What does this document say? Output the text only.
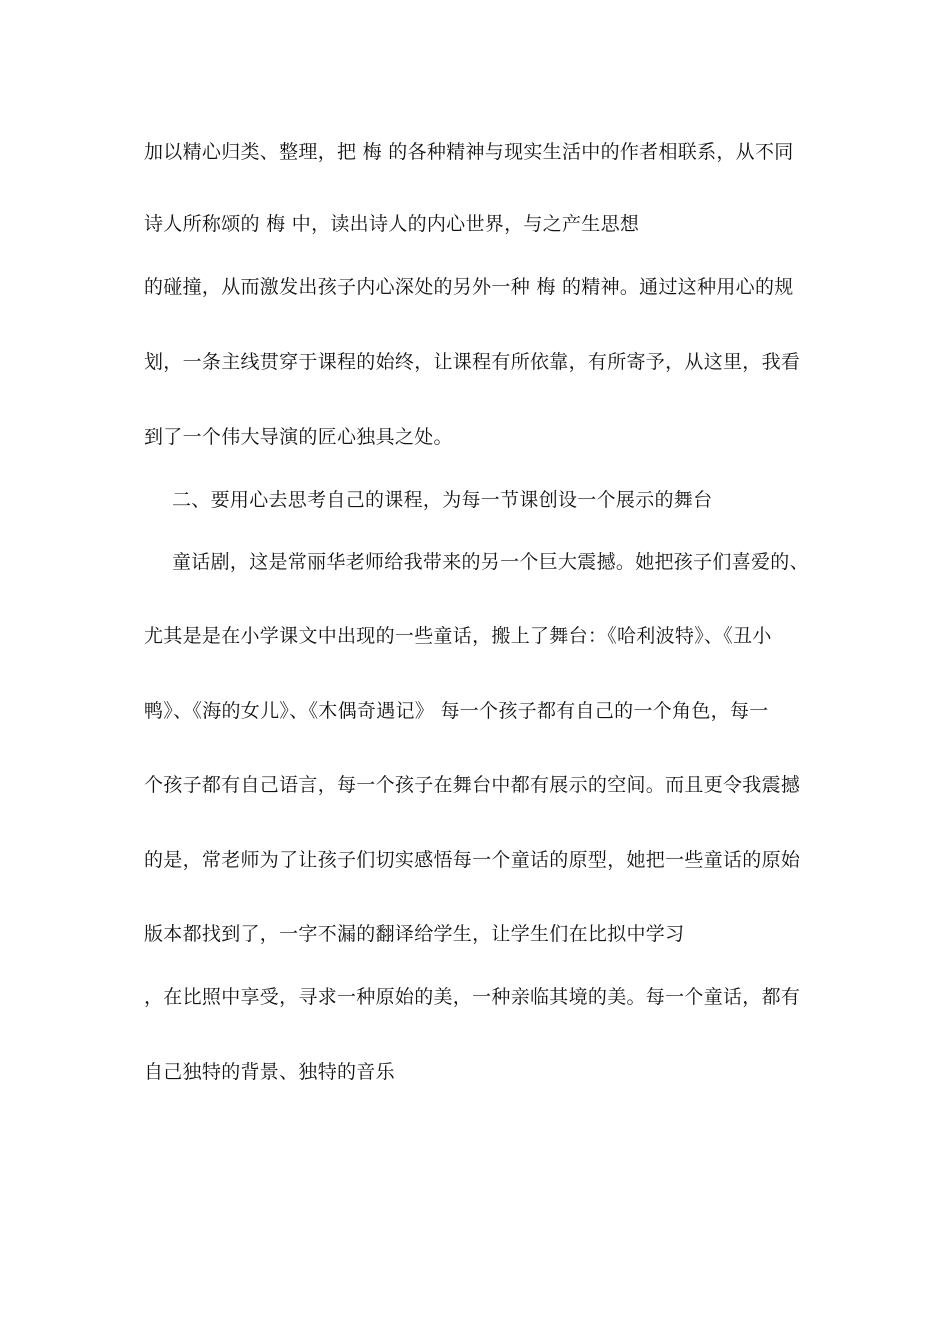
加以精心归类、整理，把 梅 的各种精神与现实生活中的作者相联系，从不同
诗人所称颂的 梅 中，读出诗人的内心世界，与之产生思想
的碰撞，从而激发出孩子内心深处的另外一种 梅 的精神。通过这种用心的规
划，一条主线贯穿于课程的始终，让课程有所依靠，有所寄予，从这里，我看
到了一个伟大导演的匠心独具之处。
二、要用心去思考自己的课程，为每一节课创设一个展示的舞台
童话剧，这是常丽华老师给我带来的另一个巨大震撼。她把孩子们喜爱的、
尤其是是在小学课文中出现的一些童话，搬上了舞台：《哈利波特》、《丑小
鸭》、《海的女儿》、《木偶奇遇记》 每一个孩子都有自己的一个角色，每一
个孩子都有自己语言，每一个孩子在舞台中都有展示的空间。而且更令我震撼
的是，常老师为了让孩子们切实感悟每一个童话的原型，她把一些童话的原始
版本都找到了，一字不漏的翻译给学生，让学生们在比拟中学习
，在比照中享受，寻求一种原始的美，一种亲临其境的美。每一个童话，都有
自己独特的背景、独特的音乐
